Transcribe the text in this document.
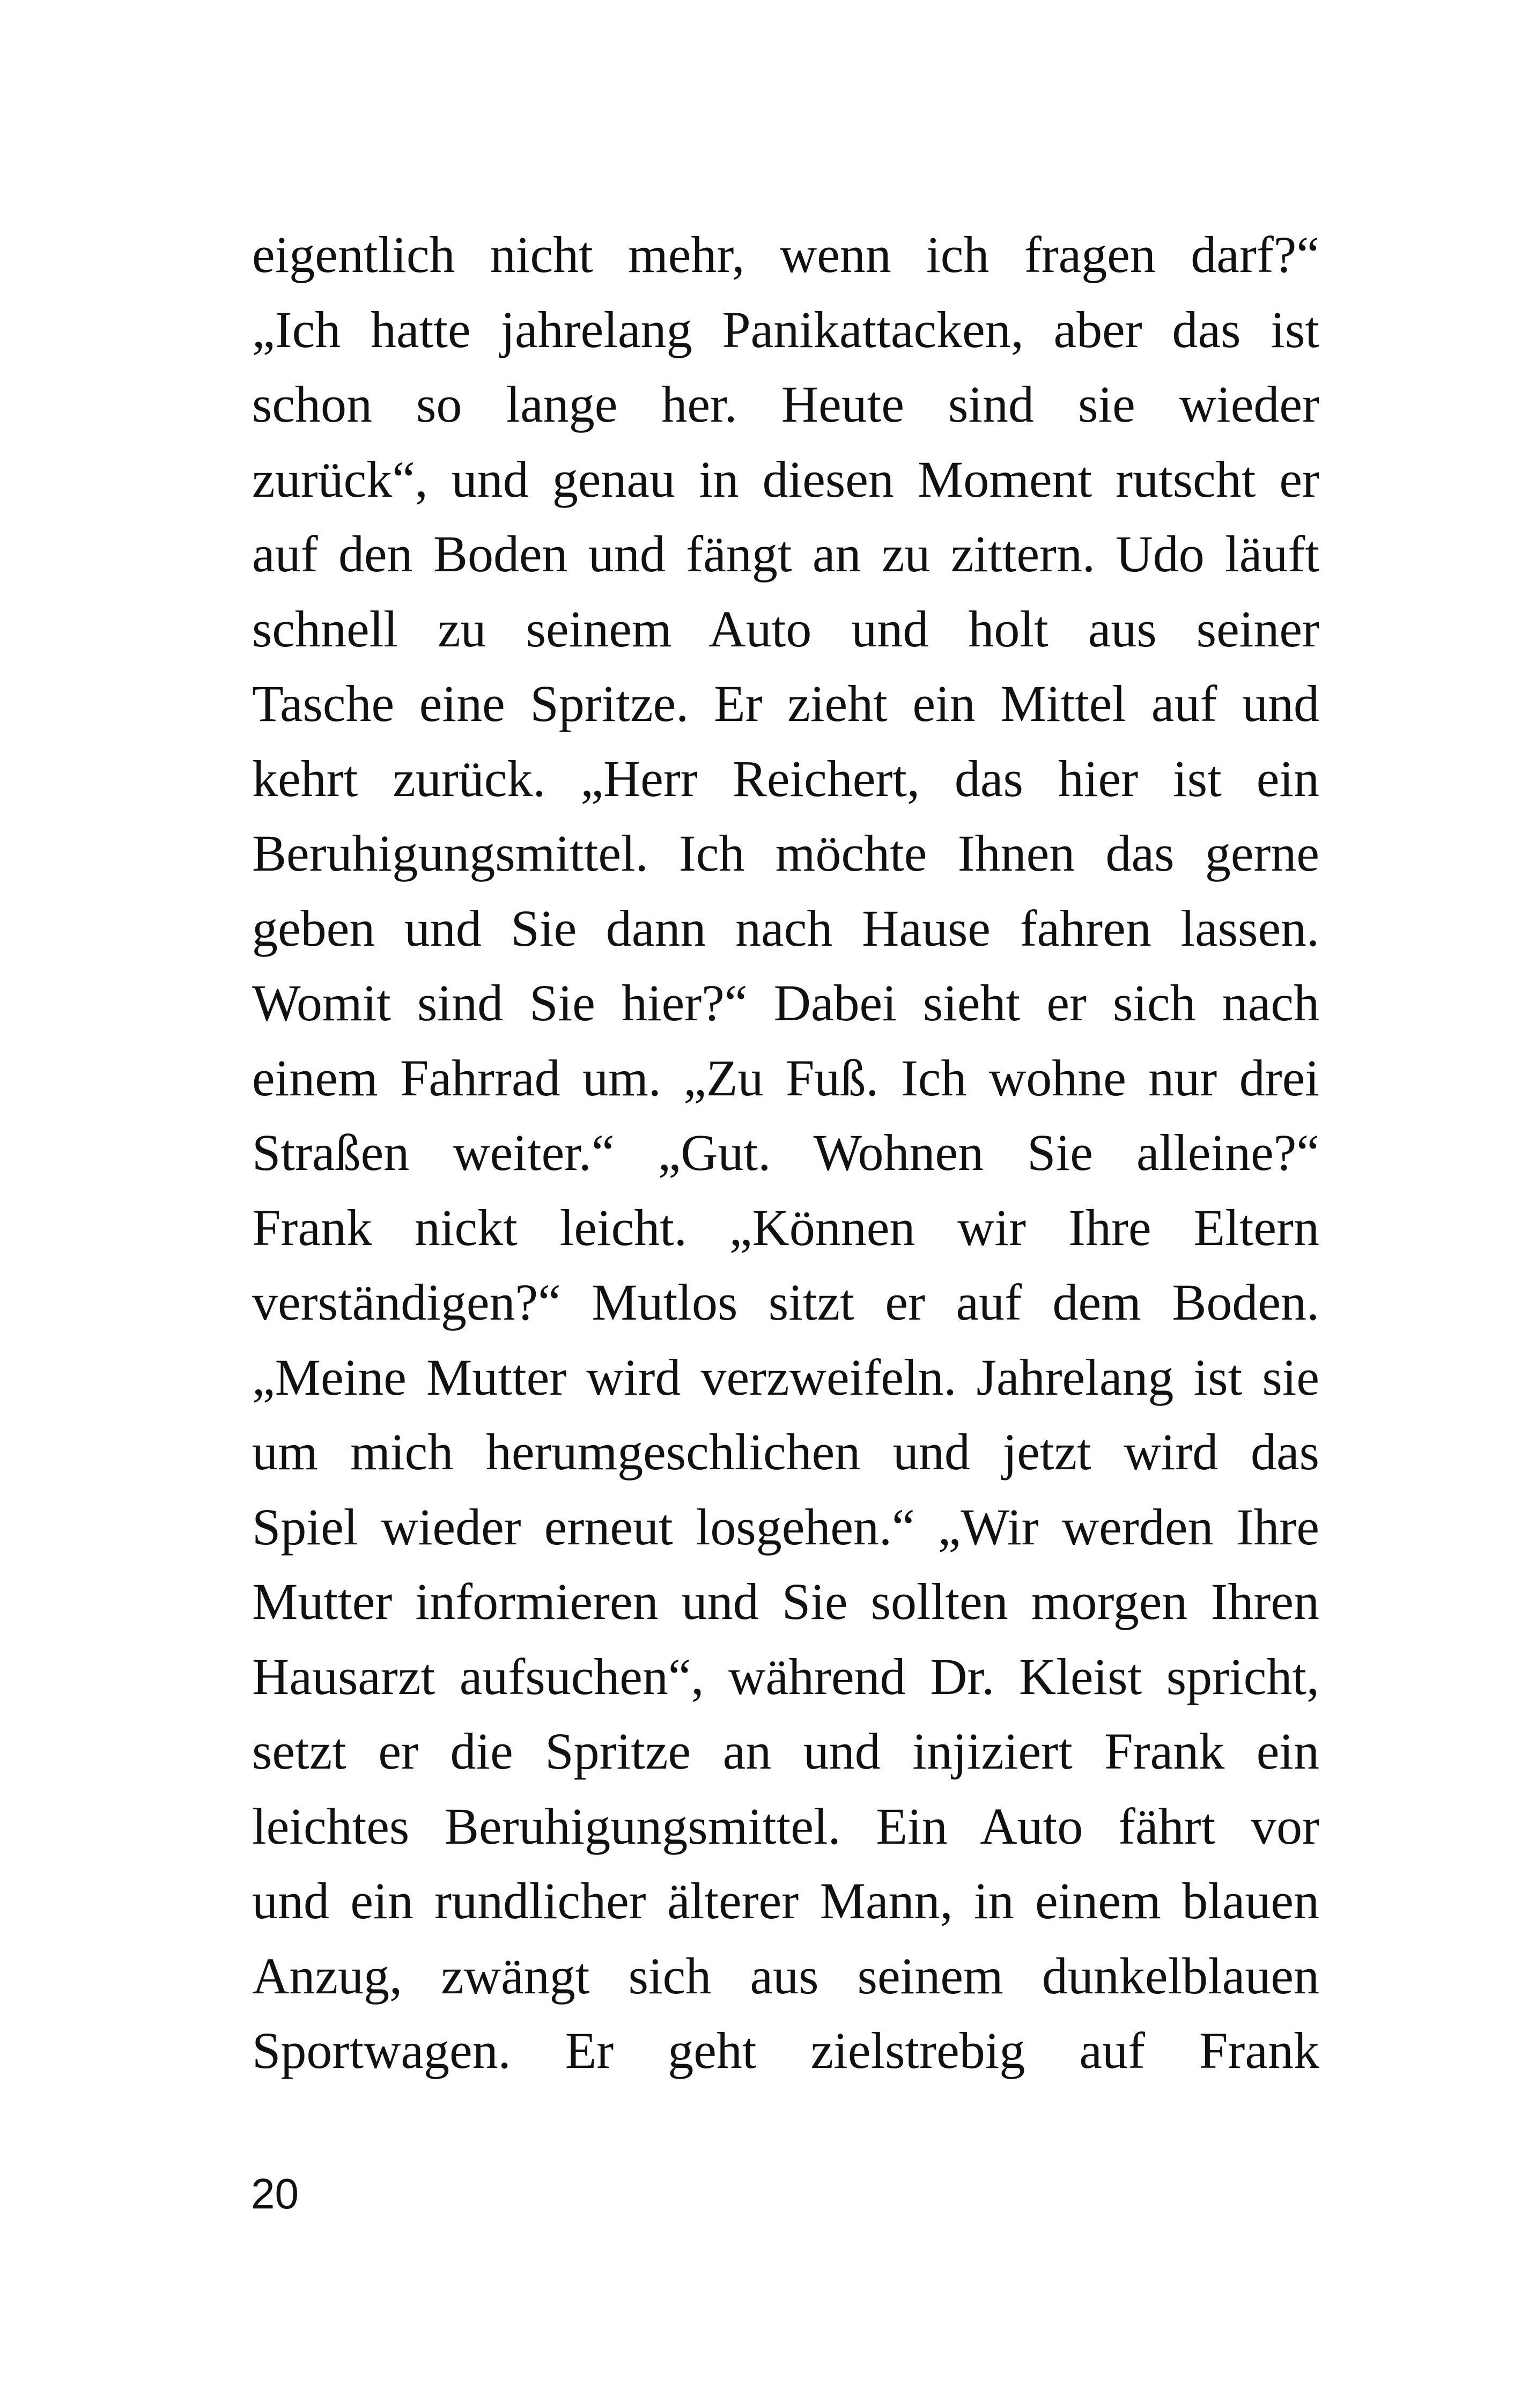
eigentlich nicht mehr, wenn ich fragen darf?“
„Ich hatte jahrelang Panikattacken, aber das ist
schon so lange her. Heute sind sie wieder
zurück“, und genau in diesen Moment rutscht er
auf den Boden und fängt an zu zittern. Udo läuft
schnell zu seinem Auto und holt aus seiner
Tasche eine Spritze. Er zieht ein Mittel auf und
kehrt zurück. „Herr Reichert, das hier ist ein
Beruhigungsmittel. Ich möchte Ihnen das gerne
geben und Sie dann nach Hause fahren lassen.
Womit sind Sie hier?“ Dabei sieht er sich nach
einem Fahrrad um. „Zu Fuß. Ich wohne nur drei
Straßen weiter.“ „Gut. Wohnen Sie alleine?“
Frank nickt leicht. „Können wir Ihre Eltern
verständigen?“ Mutlos sitzt er auf dem Boden.
„Meine Mutter wird verzweifeln. Jahrelang ist sie
um mich herumgeschlichen und jetzt wird das
Spiel wieder erneut losgehen.“ „Wir werden Ihre
Mutter informieren und Sie sollten morgen Ihren
Hausarzt aufsuchen“, während Dr. Kleist spricht,
setzt er die Spritze an und injiziert Frank ein
leichtes Beruhigungsmittel. Ein Auto fährt vor
und ein rundlicher älterer Mann, in einem blauen
Anzug, zwängt sich aus seinem dunkelblauen
Sportwagen. Er geht zielstrebig auf Frank
20
